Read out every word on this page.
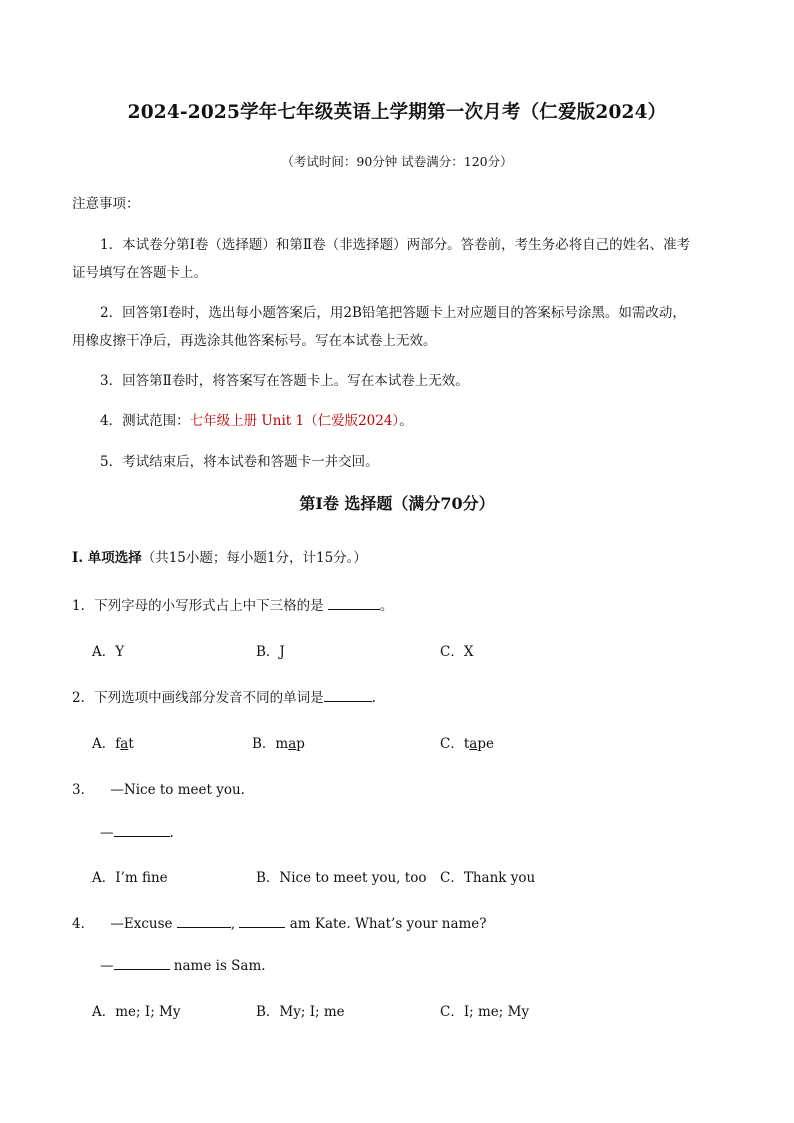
2024-2025学年七年级英语上学期第一次月考（仁爱版2024）
（考试时间：90分钟 试卷满分：120分）
注意事项：
1．本试卷分第Ⅰ卷（选择题）和第Ⅱ卷（非选择题）两部分。答卷前，考生务必将自己的姓名、准考
证号填写在答题卡上。
2．回答第Ⅰ卷时，选出每小题答案后，用2B铅笔把答题卡上对应题目的答案标号涂黑。如需改动，
用橡皮擦干净后，再选涂其他答案标号。写在本试卷上无效。
3．回答第Ⅱ卷时，将答案写在答题卡上。写在本试卷上无效。
4．测试范围：七年级上册 Unit 1（仁爱版2024）。
5．考试结束后，将本试卷和答题卡一并交回。
第Ⅰ卷 选择题（满分70分）
I. 单项选择（共15小题；每小题1分，计15分。）
1．下列字母的小写形式占上中下三格的是	。
A．Y	B．J	C．X
2．下列选项中画线部分发音不同的单词是	.
A．fat	B．map	C．tape
3． —Nice to meet you.
—	.
A．I’m fine	B．Nice to meet you, too C．Thank you
4． —Excuse	,	am Kate. What’s your name?
—	name is Sam.
A．me; I; My	B．My; I; me	C．I; me; My
